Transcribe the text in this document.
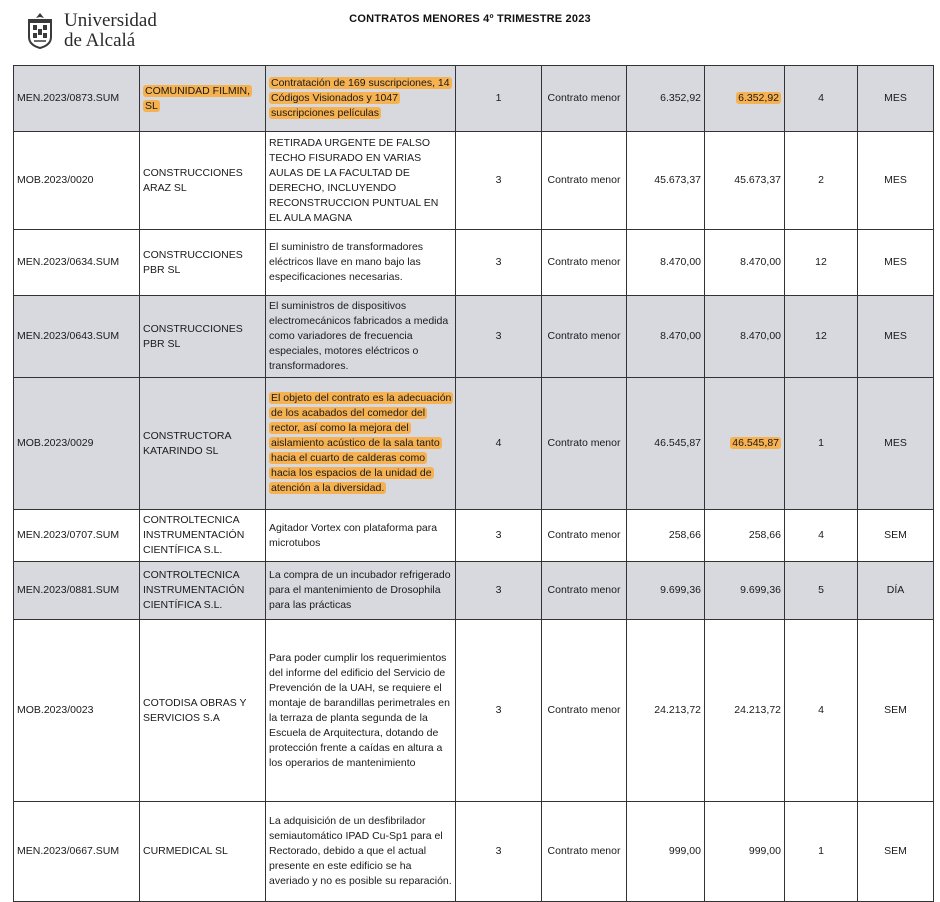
Universidad
de Alcalá
CONTRATOS MENORES 4º TRIMESTRE 2023
MEN.2023/0873.SUM	COMUNIDAD FILMIN, SL	Contratación de 169 suscripciones, 14 Códigos Visionados y 1047 suscripciones películas	1	Contrato menor	6.352,92	6.352,92	4	MES
MOB.2023/0020	CONSTRUCCIONES ARAZ SL	RETIRADA URGENTE DE FALSO TECHO FISURADO EN VARIAS AULAS DE LA FACULTAD DE DERECHO, INCLUYENDO RECONSTRUCCION PUNTUAL EN EL AULA MAGNA	3	Contrato menor	45.673,37	45.673,37	2	MES
MEN.2023/0634.SUM	CONSTRUCCIONES PBR SL	El suministro de transformadores eléctricos llave en mano bajo las especificaciones necesarias.	3	Contrato menor	8.470,00	8.470,00	12	MES
MEN.2023/0643.SUM	CONSTRUCCIONES PBR SL	El suministros de dispositivos electromecánicos fabricados a medida como variadores de frecuencia especiales, motores eléctricos o transformadores.	3	Contrato menor	8.470,00	8.470,00	12	MES
MOB.2023/0029	CONSTRUCTORA KATARINDO SL	El objeto del contrato es la adecuación de los acabados del comedor del rector, así como la mejora del aislamiento acústico de la sala tanto hacia el cuarto de calderas como hacia los espacios de la unidad de atención a la diversidad.	4	Contrato menor	46.545,87	46.545,87	1	MES
MEN.2023/0707.SUM	CONTROLTECNICA INSTRUMENTACIÓN CIENTÍFICA S.L.	Agitador Vortex con plataforma para microtubos	3	Contrato menor	258,66	258,66	4	SEM
MEN.2023/0881.SUM	CONTROLTECNICA INSTRUMENTACIÓN CIENTÍFICA S.L.	La compra de un incubador refrigerado para el mantenimiento de Drosophila para las prácticas	3	Contrato menor	9.699,36	9.699,36	5	DÍA
MOB.2023/0023	COTODISA OBRAS Y SERVICIOS S.A	Para poder cumplir los requerimientos del informe del edificio del Servicio de Prevención de la UAH, se requiere el montaje de barandillas perimetrales en la terraza de planta segunda de la Escuela de Arquitectura, dotando de protección frente a caídas en altura a los operarios de mantenimiento	3	Contrato menor	24.213,72	24.213,72	4	SEM
MEN.2023/0667.SUM	CURMEDICAL SL	La adquisición de un desfibrilador semiautomático IPAD Cu-Sp1 para el Rectorado, debido a que el actual presente en este edificio se ha averiado y no es posible su reparación.	3	Contrato menor	999,00	999,00	1	SEM
